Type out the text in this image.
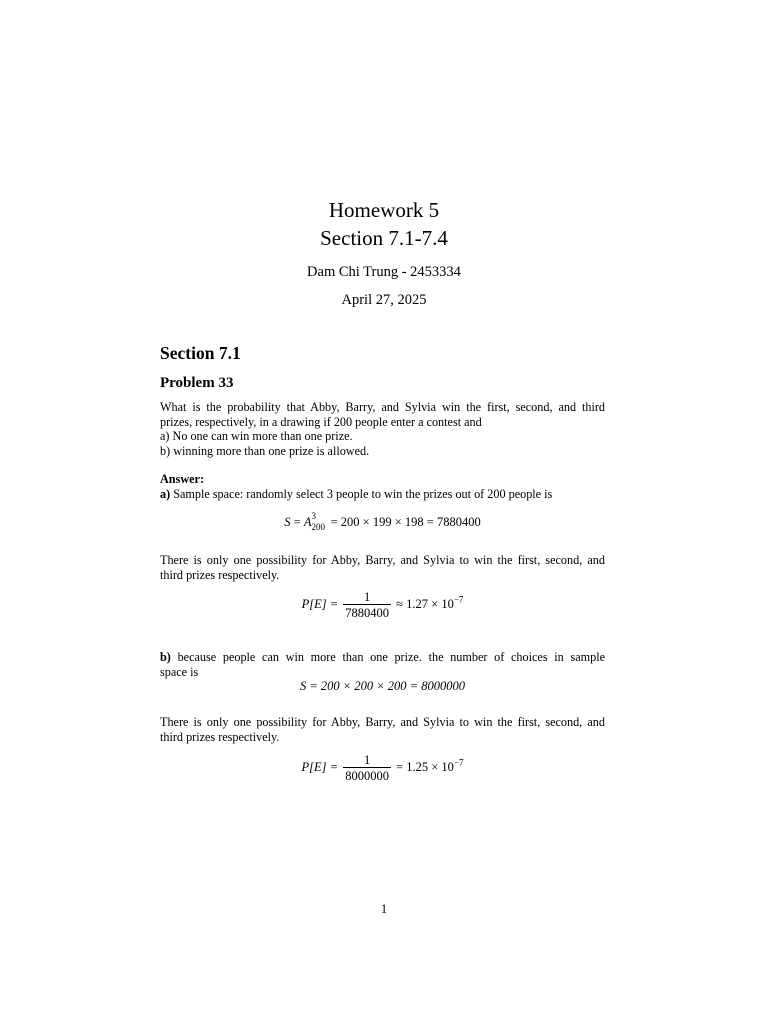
Homework 5
Section 7.1-7.4
Dam Chi Trung - 2453334
April 27, 2025
Section 7.1
Problem 33
What is the probability that Abby, Barry, and Sylvia win the first, second, and third
prizes, respectively, in a drawing if 200 people enter a contest and
a) No one can win more than one prize.
b) winning more than one prize is allowed.
Answer:
a) Sample space: randomly select 3 people to win the prizes out of 200 people is
S = A 3
200 = 200 × 199 × 198 = 7880400
There is only one possibility for Abby, Barry, and Sylvia to win the first, second, and
third prizes respectively.
$P[E] = \frac{1}{7880400} \approx 1.27 \times 10^{-7}$
b) because people can win more than one prize. the number of choices in sample
space is
S = 200 × 200 × 200 = 8000000
There is only one possibility for Abby, Barry, and Sylvia to win the first, second, and
third prizes respectively.
$P[E] = \frac{1}{8000000} = 1.25 \times 10^{-7}$
1
